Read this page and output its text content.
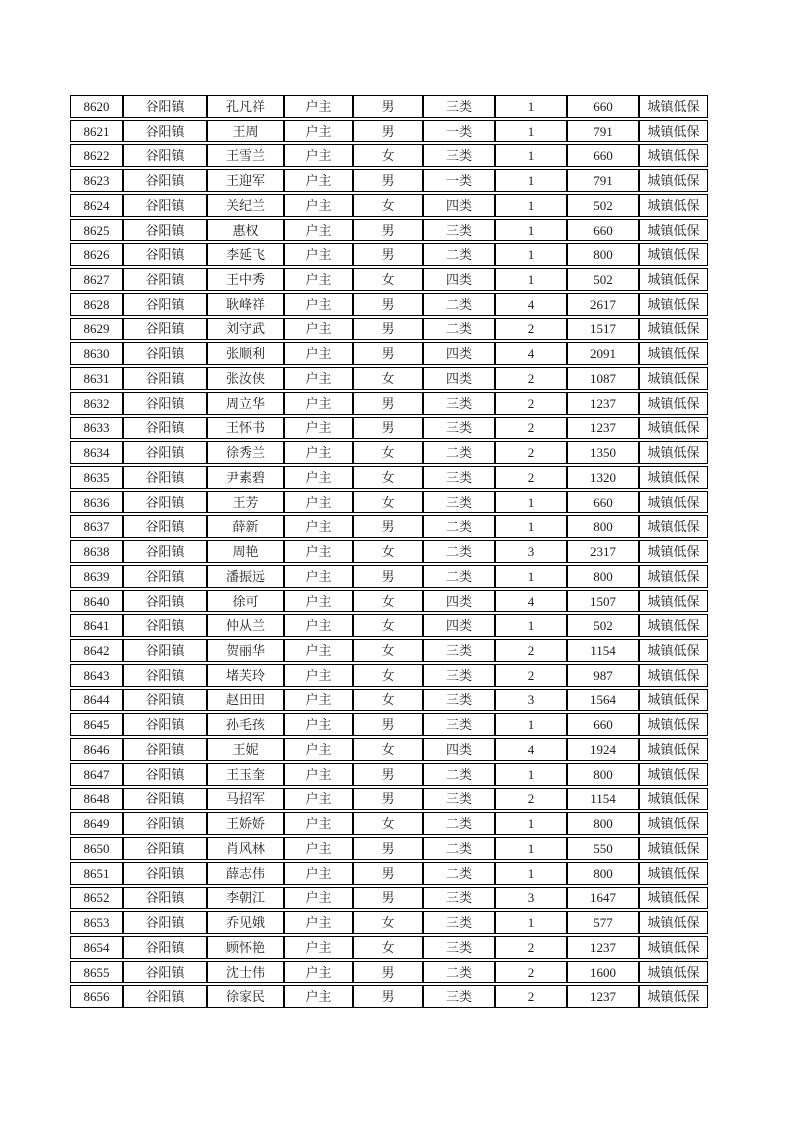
8620	谷阳镇	孔凡祥	户主	男	三类	1	660	城镇低保
8621	谷阳镇	王周	户主	男	一类	1	791	城镇低保
8622	谷阳镇	王雪兰	户主	女	三类	1	660	城镇低保
8623	谷阳镇	王迎军	户主	男	一类	1	791	城镇低保
8624	谷阳镇	关纪兰	户主	女	四类	1	502	城镇低保
8625	谷阳镇	惠权	户主	男	三类	1	660	城镇低保
8626	谷阳镇	李延飞	户主	男	二类	1	800	城镇低保
8627	谷阳镇	王中秀	户主	女	四类	1	502	城镇低保
8628	谷阳镇	耿峰祥	户主	男	二类	4	2617	城镇低保
8629	谷阳镇	刘守武	户主	男	二类	2	1517	城镇低保
8630	谷阳镇	张顺利	户主	男	四类	4	2091	城镇低保
8631	谷阳镇	张汝侠	户主	女	四类	2	1087	城镇低保
8632	谷阳镇	周立华	户主	男	三类	2	1237	城镇低保
8633	谷阳镇	王怀书	户主	男	三类	2	1237	城镇低保
8634	谷阳镇	徐秀兰	户主	女	二类	2	1350	城镇低保
8635	谷阳镇	尹素碧	户主	女	三类	2	1320	城镇低保
8636	谷阳镇	王芳	户主	女	三类	1	660	城镇低保
8637	谷阳镇	薛新	户主	男	二类	1	800	城镇低保
8638	谷阳镇	周艳	户主	女	二类	3	2317	城镇低保
8639	谷阳镇	潘振远	户主	男	二类	1	800	城镇低保
8640	谷阳镇	徐可	户主	女	四类	4	1507	城镇低保
8641	谷阳镇	仲从兰	户主	女	四类	1	502	城镇低保
8642	谷阳镇	贺丽华	户主	女	三类	2	1154	城镇低保
8643	谷阳镇	堵芙玲	户主	女	三类	2	987	城镇低保
8644	谷阳镇	赵田田	户主	女	三类	3	1564	城镇低保
8645	谷阳镇	孙毛孩	户主	男	三类	1	660	城镇低保
8646	谷阳镇	王妮	户主	女	四类	4	1924	城镇低保
8647	谷阳镇	王玉奎	户主	男	二类	1	800	城镇低保
8648	谷阳镇	马招军	户主	男	三类	2	1154	城镇低保
8649	谷阳镇	王娇娇	户主	女	二类	1	800	城镇低保
8650	谷阳镇	肖风林	户主	男	二类	1	550	城镇低保
8651	谷阳镇	薛志伟	户主	男	二类	1	800	城镇低保
8652	谷阳镇	李朝江	户主	男	三类	3	1647	城镇低保
8653	谷阳镇	乔见娥	户主	女	三类	1	577	城镇低保
8654	谷阳镇	顾怀艳	户主	女	三类	2	1237	城镇低保
8655	谷阳镇	沈士伟	户主	男	二类	2	1600	城镇低保
8656	谷阳镇	徐家民	户主	男	三类	2	1237	城镇低保
